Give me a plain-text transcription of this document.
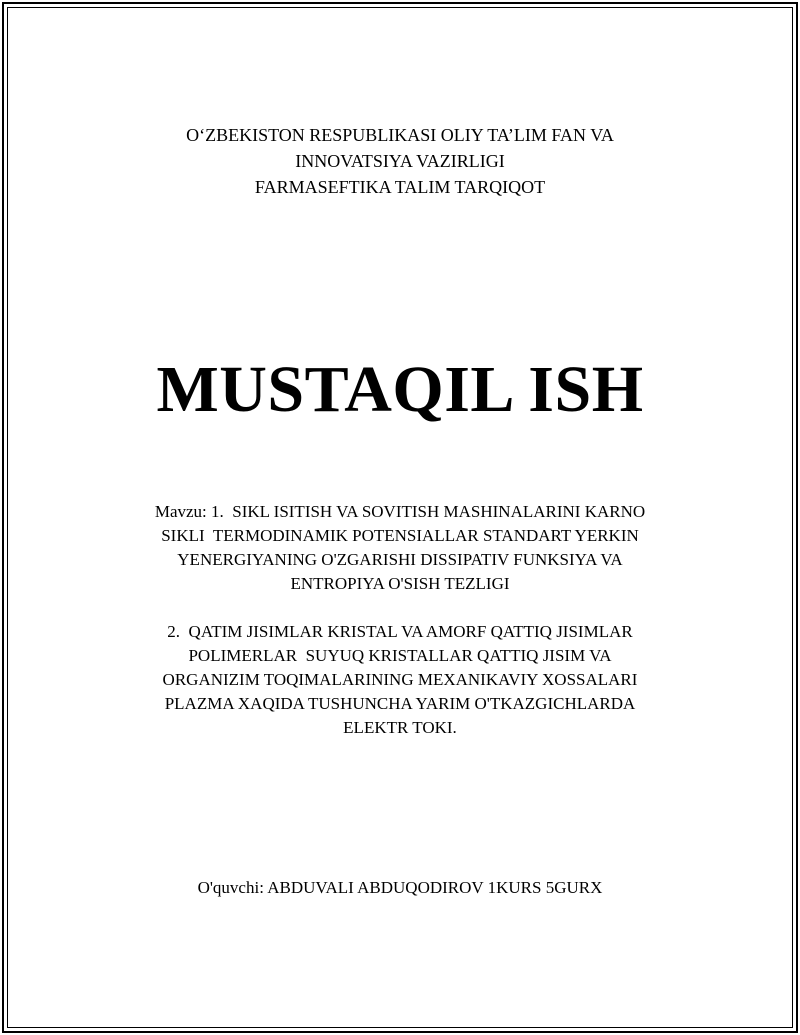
O‘ZBEKISTON RESPUBLIKASI OLIY TA’LIM FAN VA
INNOVATSIYA VAZIRLIGI
FARMASEFTIKA TALIM TARQIQOT
MUSTAQIL ISH
Mavzu: 1.  SIKL ISITISH VA SOVITISH MASHINALARINI KARNO
SIKLI  TERMODINAMIK POTENSIALLAR STANDART YERKIN
YENERGIYANING O'ZGARISHI DISSIPATIV FUNKSIYA VA
ENTROPIYA O'SISH TEZLIGI
2.  QATIM JISIMLAR KRISTAL VA AMORF QATTIQ JISIMLAR
POLIMERLAR  SUYUQ KRISTALLAR QATTIQ JISIM VA
ORGANIZIM TOQIMALARINING MEXANIKAVIY XOSSALARI
PLAZMA XAQIDA TUSHUNCHA YARIM O'TKAZGICHLARDA
ELEKTR TOKI.
O'quvchi: ABDUVALI ABDUQODIROV 1KURS 5GURX
